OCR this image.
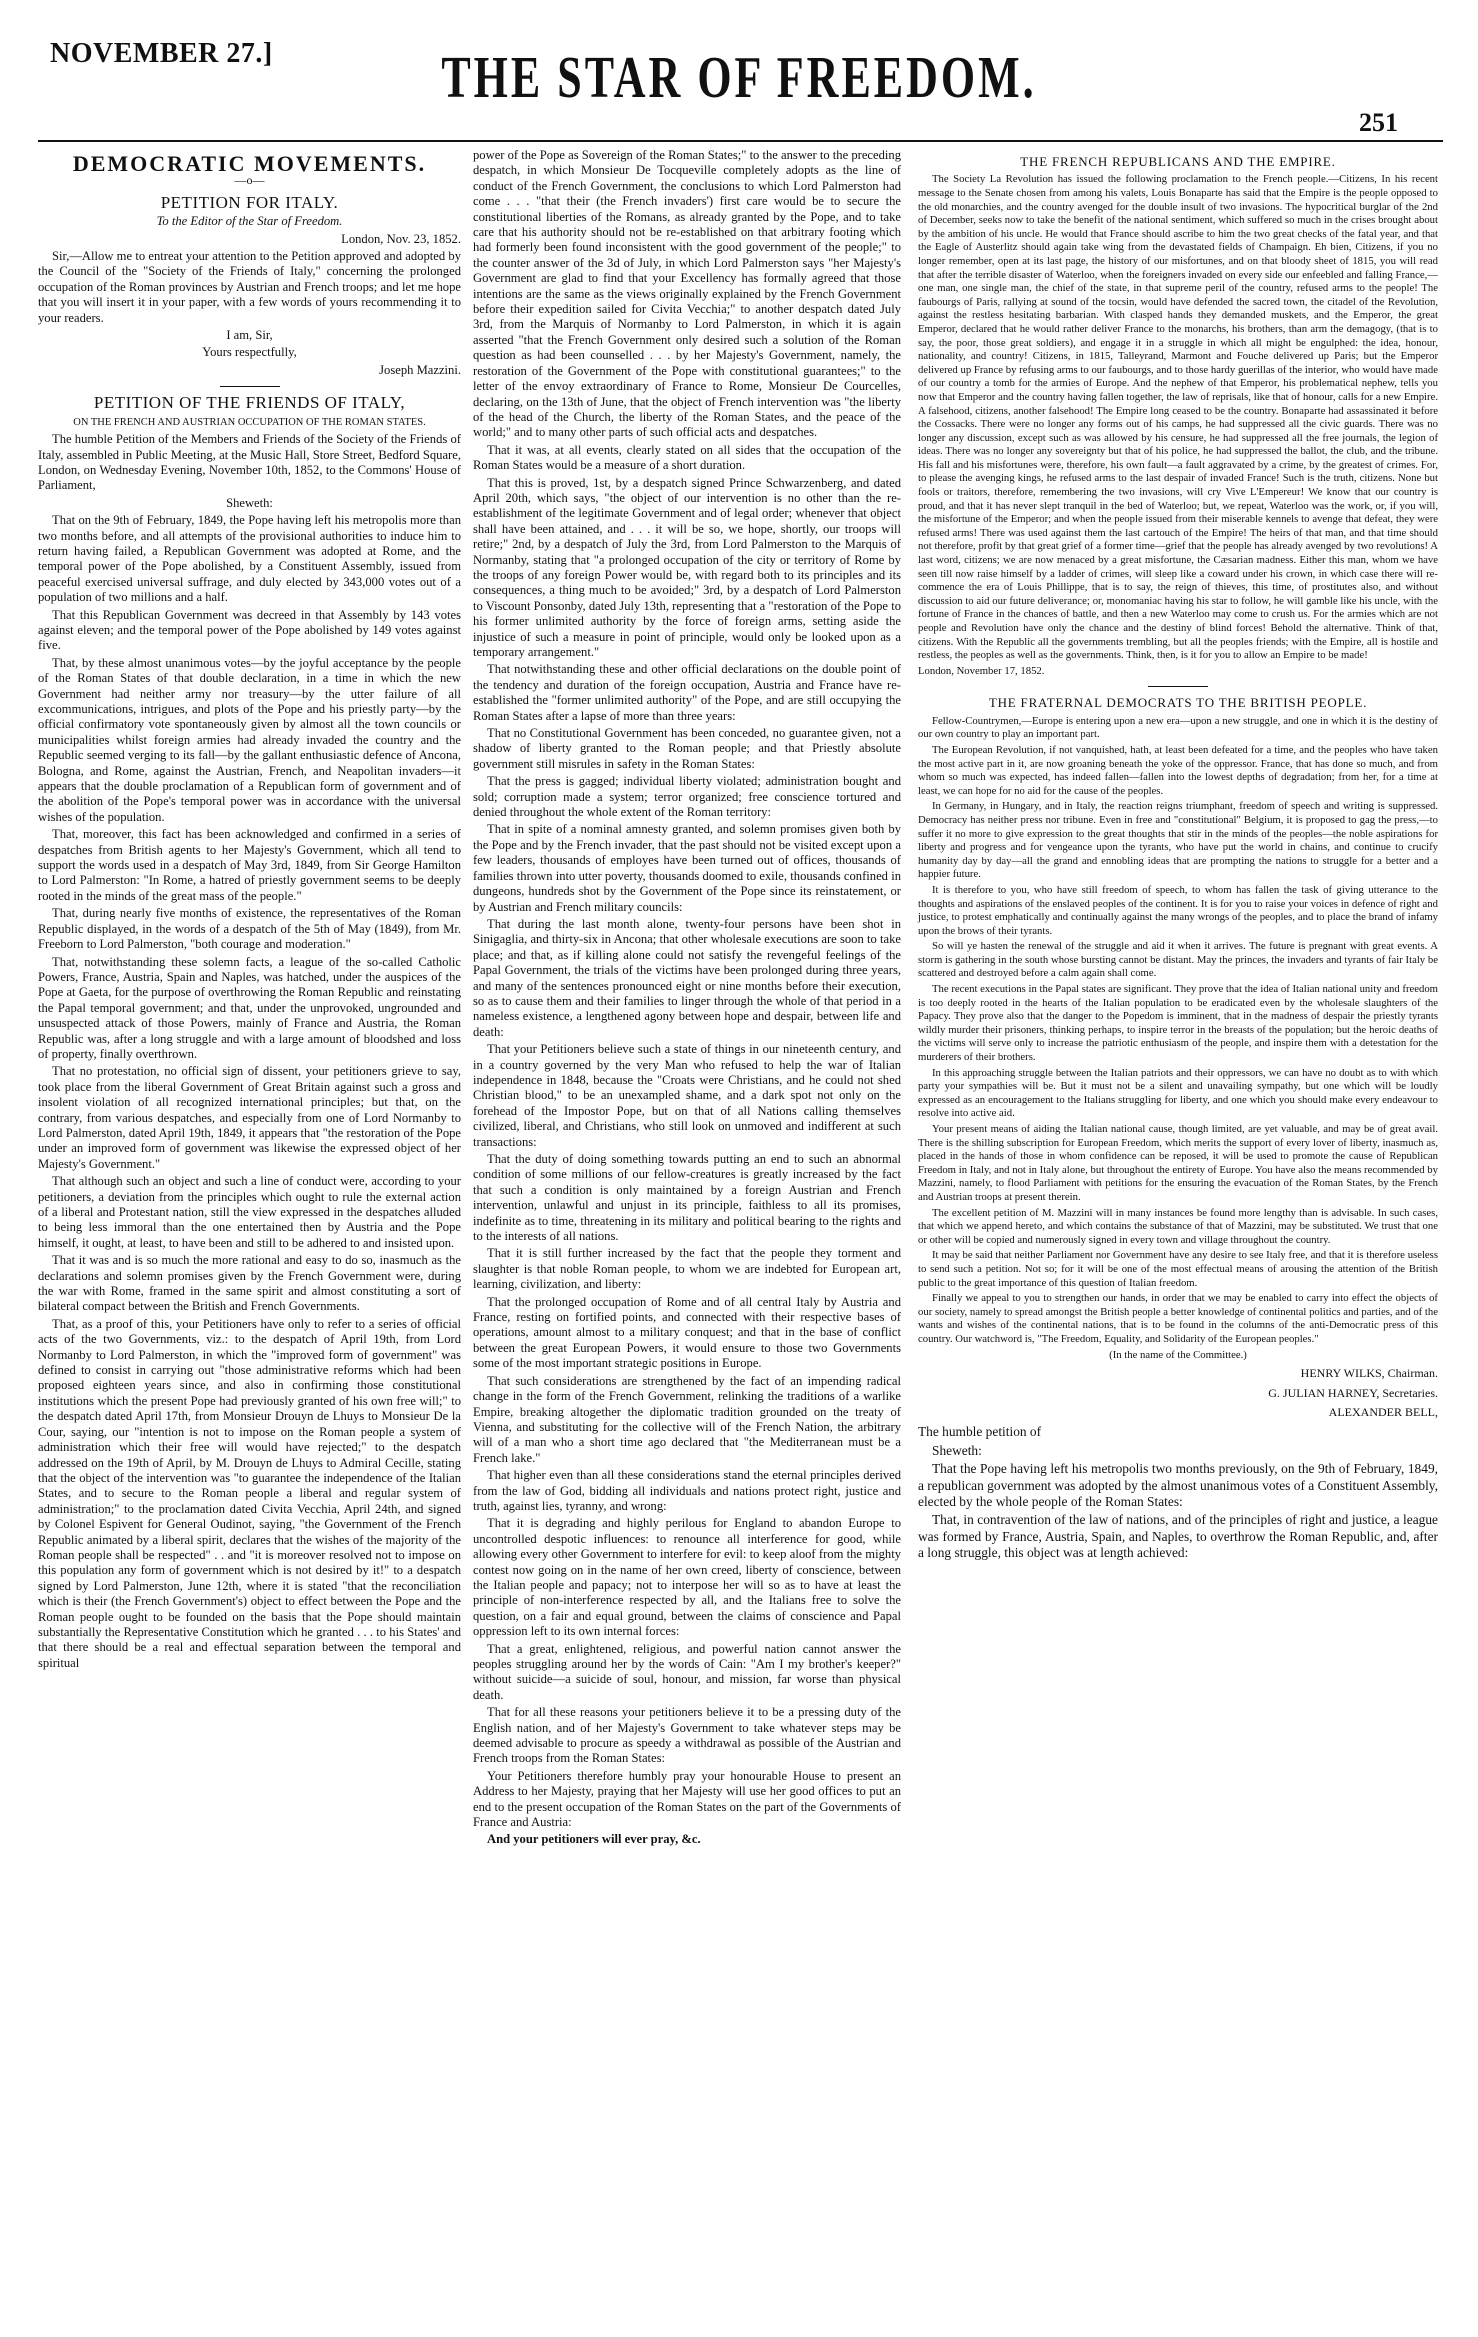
NOVEMBER 27.]	THE STAR OF FREEDOM.
251
DEMOCRATIC MOVEMENTS.
—o—
PETITION FOR ITALY.

To the Editor of the Star of Freedom.

London, Nov. 23, 1852.

Sir,—Allow me to entreat your attention to the Petition approved and adopted by the Council of the "Society of the Friends of Italy," concerning the prolonged occupation of the Roman provinces by Austrian and French troops; and let me hope that you will insert it in your paper, with a few words of yours recommending it to your readers.

I am, Sir,

Yours respectfully,

Joseph Mazzini.

PETITION OF THE FRIENDS OF ITALY,

ON THE FRENCH AND AUSTRIAN OCCUPATION OF THE ROMAN STATES.

The humble Petition of the Members and Friends of the Society of the Friends of Italy, assembled in Public Meeting, at the Music Hall, Store Street, Bedford Square, London, on Wednesday Evening, November 10th, 1852, to the Commons' House of Parliament,

Sheweth:

That on the 9th of February, 1849, the Pope having left his metropolis more than two months before, and all attempts of the provisional authorities to induce him to return having failed, a Republican Government was adopted at Rome, and the temporal power of the Pope abolished, by a Constituent Assembly, issued from peaceful exercised universal suffrage, and duly elected by 343,000 votes out of a population of two millions and a half.

That this Republican Government was decreed in that Assembly by 143 votes against eleven; and the temporal power of the Pope abolished by 149 votes against five.

That, by these almost unanimous votes—by the joyful acceptance by the people of the Roman States of that double declaration, in a time in which the new Government had neither army nor treasury—by the utter failure of all excommunications, intrigues, and plots of the Pope and his priestly party—by the official confirmatory vote spontaneously given by almost all the town councils or municipalities whilst foreign armies had already invaded the country and the Republic seemed verging to its fall—by the gallant enthusiastic defence of Ancona, Bologna, and Rome, against the Austrian, French, and Neapolitan invaders—it appears that the double proclamation of a Republican form of government and of the abolition of the Pope's temporal power was in accordance with the universal wishes of the population.

That, moreover, this fact has been acknowledged and confirmed in a series of despatches from British agents to her Majesty's Government, which all tend to support the words used in a despatch of May 3rd, 1849, from Sir George Hamilton to Lord Palmerston: "In Rome, a hatred of priestly government seems to be deeply rooted in the minds of the great mass of the people."

That, during nearly five months of existence, the representatives of the Roman Republic displayed, in the words of a despatch of the 5th of May (1849), from Mr. Freeborn to Lord Palmerston, "both courage and moderation."

That, notwithstanding these solemn facts, a league of the so-called Catholic Powers, France, Austria, Spain and Naples, was hatched, under the auspices of the Pope at Gaeta, for the purpose of overthrowing the Roman Republic and reinstating the Papal temporal government; and that, under the unprovoked, ungrounded and unsuspected attack of those Powers, mainly of France and Austria, the Roman Republic was, after a long struggle and with a large amount of bloodshed and loss of property, finally overthrown.

That no protestation, no official sign of dissent, your petitioners grieve to say, took place from the liberal Government of Great Britain against such a gross and insolent violation of all recognized international principles; but that, on the contrary, from various despatches, and especially from one of Lord Normanby to Lord Palmerston, dated April 19th, 1849, it appears that "the restoration of the Pope under an improved form of government was likewise the expressed object of her Majesty's Government."

That although such an object and such a line of conduct were, according to your petitioners, a deviation from the principles which ought to rule the external action of a liberal and Protestant nation, still the view expressed in the despatches alluded to being less immoral than the one entertained then by Austria and the Pope himself, it ought, at least, to have been and still to be adhered to and insisted upon.

That it was and is so much the more rational and easy to do so, inasmuch as the declarations and solemn promises given by the French Government were, during the war with Rome, framed in the same spirit and almost constituting a sort of bilateral compact between the British and French Governments.

That, as a proof of this, your Petitioners have only to refer to a series of official acts of the two Governments, viz.: to the despatch of April 19th, from Lord Normanby to Lord Palmerston, in which the "improved form of government" was defined to consist in carrying out "those administrative reforms which had been proposed eighteen years since, and also in confirming those constitutional institutions which the present Pope had previously granted of his own free will;" to the despatch dated April 17th, from Monsieur Drouyn de Lhuys to Monsieur De la Cour, saying, our "intention is not to impose on the Roman people a system of administration which their free will would have rejected;" to the despatch addressed on the 19th of April, by M. Drouyn de Lhuys to Admiral Cecille, stating that the object of the intervention was "to guarantee the independence of the Italian States, and to secure to the Roman people a liberal and regular system of administration;" to the proclamation dated Civita Vecchia, April 24th, and signed by Colonel Espivent for General Oudinot, saying, "the Government of the French Republic animated by a liberal spirit, declares that the wishes of the majority of the Roman people shall be respected" . . and "it is moreover resolved not to impose on this population any form of government which is not desired by it!" to a despatch signed by Lord Palmerston, June 12th, where it is stated "that the reconciliation which is their (the French Government's) object to effect between the Pope and the Roman people ought to be founded on the basis that the Pope should maintain substantially the Representative Constitution which he granted . . . to his States' and that there should be a real and effectual separation between the temporal and spiritual

power of the Pope as Sovereign of the Roman States;" to the answer to the preceding despatch, in which Monsieur De Tocqueville completely adopts as the line of conduct of the French Government, the conclusions to which Lord Palmerston had come . . . "that their (the French invaders') first care would be to secure the constitutional liberties of the Romans, as already granted by the Pope, and to take care that his authority should not be re-established on that arbitrary footing which had formerly been found inconsistent with the good government of the people;" to the counter answer of the 3d of July, in which Lord Palmerston says "her Majesty's Government are glad to find that your Excellency has formally agreed that those intentions are the same as the views originally explained by the French Government before their expedition sailed for Civita Vecchia;" to another despatch dated July 3rd, from the Marquis of Normanby to Lord Palmerston, in which it is again asserted "that the French Government only desired such a solution of the Roman question as had been counselled . . . by her Majesty's Government, namely, the restoration of the Government of the Pope with constitutional guarantees;" to the letter of the envoy extraordinary of France to Rome, Monsieur De Courcelles, declaring, on the 13th of June, that the object of French intervention was "the liberty of the head of the Church, the liberty of the Roman States, and the peace of the world;" and to many other parts of such official acts and despatches.

That it was, at all events, clearly stated on all sides that the occupation of the Roman States would be a measure of a short duration.

That this is proved, 1st, by a despatch signed Prince Schwarzenberg, and dated April 20th, which says, "the object of our intervention is no other than the re-establishment of the legitimate Government and of legal order; whenever that object shall have been attained, and . . . it will be so, we hope, shortly, our troops will retire;" 2nd, by a despatch of July the 3rd, from Lord Palmerston to the Marquis of Normanby, stating that "a prolonged occupation of the city or territory of Rome by the troops of any foreign Power would be, with regard both to its principles and its consequences, a thing much to be avoided;" 3rd, by a despatch of Lord Palmerston to Viscount Ponsonby, dated July 13th, representing that a "restoration of the Pope to his former unlimited authority by the force of foreign arms, setting aside the injustice of such a measure in point of principle, would only be looked upon as a temporary arrangement."

That notwithstanding these and other official declarations on the double point of the tendency and duration of the foreign occupation, Austria and France have re-established the "former unlimited authority" of the Pope, and are still occupying the Roman States after a lapse of more than three years:

That no Constitutional Government has been conceded, no guarantee given, not a shadow of liberty granted to the Roman people; and that Priestly absolute government still misrules in safety in the Roman States:

That the press is gagged; individual liberty violated; administration bought and sold; corruption made a system; terror organized; free conscience tortured and denied throughout the whole extent of the Roman territory:

That in spite of a nominal amnesty granted, and solemn promises given both by the Pope and by the French invader, that the past should not be visited except upon a few leaders, thousands of employes have been turned out of offices, thousands of families thrown into utter poverty, thousands doomed to exile, thousands confined in dungeons, hundreds shot by the Government of the Pope since its reinstatement, or by Austrian and French military councils:

That during the last month alone, twenty-four persons have been shot in Sinigaglia, and thirty-six in Ancona; that other wholesale executions are soon to take place; and that, as if killing alone could not satisfy the revengeful feelings of the Papal Government, the trials of the victims have been prolonged during three years, and many of the sentences pronounced eight or nine months before their execution, so as to cause them and their families to linger through the whole of that period in a nameless existence, a lengthened agony between hope and despair, between life and death:

That your Petitioners believe such a state of things in our nineteenth century, and in a country governed by the very Man who refused to help the war of Italian independence in 1848, because the "Croats were Christians, and he could not shed Christian blood," to be an unexampled shame, and a dark spot not only on the forehead of the Impostor Pope, but on that of all Nations calling themselves civilized, liberal, and Christians, who still look on unmoved and indifferent at such transactions:

That the duty of doing something towards putting an end to such an abnormal condition of some millions of our fellow-creatures is greatly increased by the fact that such a condition is only maintained by a foreign Austrian and French intervention, unlawful and unjust in its principle, faithless to all its promises, indefinite as to time, threatening in its military and political bearing to the rights and to the interests of all nations.

That it is still further increased by the fact that the people they torment and slaughter is that noble Roman people, to whom we are indebted for European art, learning, civilization, and liberty:

That the prolonged occupation of Rome and of all central Italy by Austria and France, resting on fortified points, and connected with their respective bases of operations, amount almost to a military conquest; and that in the base of conflict between the great European Powers, it would ensure to those two Governments some of the most important strategic positions in Europe.

That such considerations are strengthened by the fact of an impending radical change in the form of the French Government, relinking the traditions of a warlike Empire, breaking altogether the diplomatic tradition grounded on the treaty of Vienna, and substituting for the collective will of the French Nation, the arbitrary will of a man who a short time ago declared that "the Mediterranean must be a French lake."

That higher even than all these considerations stand the eternal principles derived from the law of God, bidding all individuals and nations protect right, justice and truth, against lies, tyranny, and wrong:

That it is degrading and highly perilous for England to abandon Europe to uncontrolled despotic influences: to renounce all interference for good, while allowing every other Government to interfere for evil: to keep aloof from the mighty contest now going on in the name of her own creed, liberty of conscience, between the Italian people and papacy; not to interpose her will so as to have at least the principle of non-interference respected by all, and the Italians free to solve the question, on a fair and equal ground, between the claims of conscience and Papal oppression left to its own internal forces:

That a great, enlightened, religious, and powerful nation cannot answer the peoples struggling around her by the words of Cain: "Am I my brother's keeper?" without suicide—a suicide of soul, honour, and mission, far worse than physical death.

That for all these reasons your petitioners believe it to be a pressing duty of the English nation, and of her Majesty's Government to take whatever steps may be deemed advisable to procure as speedy a withdrawal as possible of the Austrian and French troops from the Roman States:

Your Petitioners therefore humbly pray your honourable House to present an Address to her Majesty, praying that her Majesty will use her good offices to put an end to the present occupation of the Roman States on the part of the Governments of France and Austria:

And your petitioners will ever pray, &c.

THE FRENCH REPUBLICANS AND THE EMPIRE.

The Society La Revolution has issued the following proclamation to the French people.—Citizens, In his recent message to the Senate chosen from among his valets, Louis Bonaparte has said that the Empire is the people opposed to the old monarchies, and the country avenged for the double insult of two invasions. The hypocritical burglar of the 2nd of December, seeks now to take the benefit of the national sentiment, which suffered so much in the crises brought about by the ambition of his uncle. He would that France should ascribe to him the two great checks of the fatal year, and that the Eagle of Austerlitz should again take wing from the devastated fields of Champaign. Eh bien, Citizens, if you no longer remember, open at its last page, the history of our misfortunes, and on that bloody sheet of 1815, you will read that after the terrible disaster of Waterloo, when the foreigners invaded on every side our enfeebled and falling France,—one man, one single man, the chief of the state, in that supreme peril of the country, refused arms to the people! The faubourgs of Paris, rallying at sound of the tocsin, would have defended the sacred town, the citadel of the Revolution, against the restless hesitating barbarian. With clasped hands they demanded muskets, and the Emperor, the great Emperor, declared that he would rather deliver France to the monarchs, his brothers, than arm the demagogy, (that is to say, the poor, those great soldiers), and engage it in a struggle in which all might be engulphed: the idea, honour, nationality, and country! Citizens, in 1815, Talleyrand, Marmont and Fouche delivered up Paris; but the Emperor delivered up France by refusing arms to our faubourgs, and to those hardy guerillas of the interior, who would have made of our country a tomb for the armies of Europe. And the nephew of that Emperor, his problematical nephew, tells you now that Emperor and the country having fallen together, the law of reprisals, like that of honour, calls for a new Empire. A falsehood, citizens, another falsehood! The Empire long ceased to be the country. Bonaparte had assassinated it before the Cossacks. There were no longer any forms out of his camps, he had suppressed all the civic guards. There was no longer any discussion, except such as was allowed by his censure, he had suppressed all the free journals, the legion of ideas. There was no longer any sovereignty but that of his police, he had suppressed the ballot, the club, and the tribune. His fall and his misfortunes were, therefore, his own fault—a fault aggravated by a crime, by the greatest of crimes. For, to please the avenging kings, he refused arms to the last despair of invaded France! Such is the truth, citizens. None but fools or traitors, therefore, remembering the two invasions, will cry Vive L'Empereur! We know that our country is proud, and that it has never slept tranquil in the bed of Waterloo; but, we repeat, Waterloo was the work, or, if you will, the misfortune of the Emperor; and when the people issued from their miserable kennels to avenge that defeat, they were refused arms! There was used against them the last cartouch of the Empire! The heirs of that man, and that time should not therefore, profit by that great grief of a former time—grief that the people has already avenged by two revolutions! A last word, citizens; we are now menaced by a great misfortune, the Cæsarian madness. Either this man, whom we have seen till now raise himself by a ladder of crimes, will sleep like a coward under his crown, in which case there will re-commence the era of Louis Phillippe, that is to say, the reign of thieves, this time, of prostitutes also, and without discussion to aid our future deliverance; or, monomaniac having his star to follow, he will gamble like his uncle, with the fortune of France in the chances of battle, and then a new Waterloo may come to crush us. For the armies which are not people and Revolution have only the chance and the destiny of blind forces! Behold the alternative. Think of that, citizens. With the Republic all the governments trembling, but all the peoples friends; with the Empire, all is hostile and restless, the peoples as well as the governments. Think, then, is it for you to allow an Empire to be made!

London, November 17, 1852.

THE FRATERNAL DEMOCRATS TO THE BRITISH PEOPLE.

Fellow-Countrymen,—Europe is entering upon a new era—upon a new struggle, and one in which it is the destiny of our own country to play an important part.

The European Revolution, if not vanquished, hath, at least been defeated for a time, and the peoples who have taken the most active part in it, are now groaning beneath the yoke of the oppressor. France, that has done so much, and from whom so much was expected, has indeed fallen—fallen into the lowest depths of degradation; from her, for a time at least, we can hope for no aid for the cause of the peoples.

In Germany, in Hungary, and in Italy, the reaction reigns triumphant, freedom of speech and writing is suppressed. Democracy has neither press nor tribune. Even in free and "constitutional" Belgium, it is proposed to gag the press,—to suffer it no more to give expression to the great thoughts that stir in the minds of the peoples—the noble aspirations for liberty and progress and for vengeance upon the tyrants, who have put the world in chains, and continue to crucify humanity day by day—all the grand and ennobling ideas that are prompting the nations to struggle for a better and a happier future.

It is therefore to you, who have still freedom of speech, to whom has fallen the task of giving utterance to the thoughts and aspirations of the enslaved peoples of the continent. It is for you to raise your voices in defence of right and justice, to protest emphatically and continually against the many wrongs of the peoples, and to place the brand of infamy upon the brows of their tyrants.

So will ye hasten the renewal of the struggle and aid it when it arrives. The future is pregnant with great events. A storm is gathering in the south whose bursting cannot be distant. May the princes, the invaders and tyrants of fair Italy be scattered and destroyed before a calm again shall come.

The recent executions in the Papal states are significant. They prove that the idea of Italian national unity and freedom is too deeply rooted in the hearts of the Italian population to be eradicated even by the wholesale slaughters of the Papacy. They prove also that the danger to the Popedom is imminent, that in the madness of despair the priestly tyrants wildly murder their prisoners, thinking perhaps, to inspire terror in the breasts of the population; but the heroic deaths of the victims will serve only to increase the patriotic enthusiasm of the people, and inspire them with a detestation for the murderers of their brothers.

In this approaching struggle between the Italian patriots and their oppressors, we can have no doubt as to with which party your sympathies will be. But it must not be a silent and unavailing sympathy, but one which will be loudly expressed as an encouragement to the Italians struggling for liberty, and one which you should make every endeavour to resolve into active aid.

Your present means of aiding the Italian national cause, though limited, are yet valuable, and may be of great avail. There is the shilling subscription for European Freedom, which merits the support of every lover of liberty, inasmuch as, placed in the hands of those in whom confidence can be reposed, it will be used to promote the cause of Republican Freedom in Italy, and not in Italy alone, but throughout the entirety of Europe. You have also the means recommended by Mazzini, namely, to flood Parliament with petitions for the ensuring the evacuation of the Roman States, by the French and Austrian troops at present therein.

The excellent petition of M. Mazzini will in many instances be found more lengthy than is advisable. In such cases, that which we append hereto, and which contains the substance of that of Mazzini, may be substituted. We trust that one or other will be copied and numerously signed in every town and village throughout the country.

It may be said that neither Parliament nor Government have any desire to see Italy free, and that it is therefore useless to send such a petition. Not so; for it will be one of the most effectual means of arousing the attention of the British public to the great importance of this question of Italian freedom.

Finally we appeal to you to strengthen our hands, in order that we may be enabled to carry into effect the objects of our society, namely to spread amongst the British people a better knowledge of continental politics and parties, and of the wants and wishes of the continental nations, that is to be found in the columns of the anti-Democratic press of this country. Our watchword is, "The Freedom, Equality, and Solidarity of the European peoples."

(In the name of the Committee.)

HENRY WILKS, Chairman.
G. JULIAN HARNEY, Secretaries.
ALEXANDER BELL,

The humble petition of

Sheweth:

That the Pope having left his metropolis two months previously, on the 9th of February, 1849, a republican government was adopted by the almost unanimous votes of a Constituent Assembly, elected by the whole people of the Roman States:

That, in contravention of the law of nations, and of the principles of right and justice, a league was formed by France, Austria, Spain, and Naples, to overthrow the Roman Republic, and, after a long struggle, this object was at length achieved:
